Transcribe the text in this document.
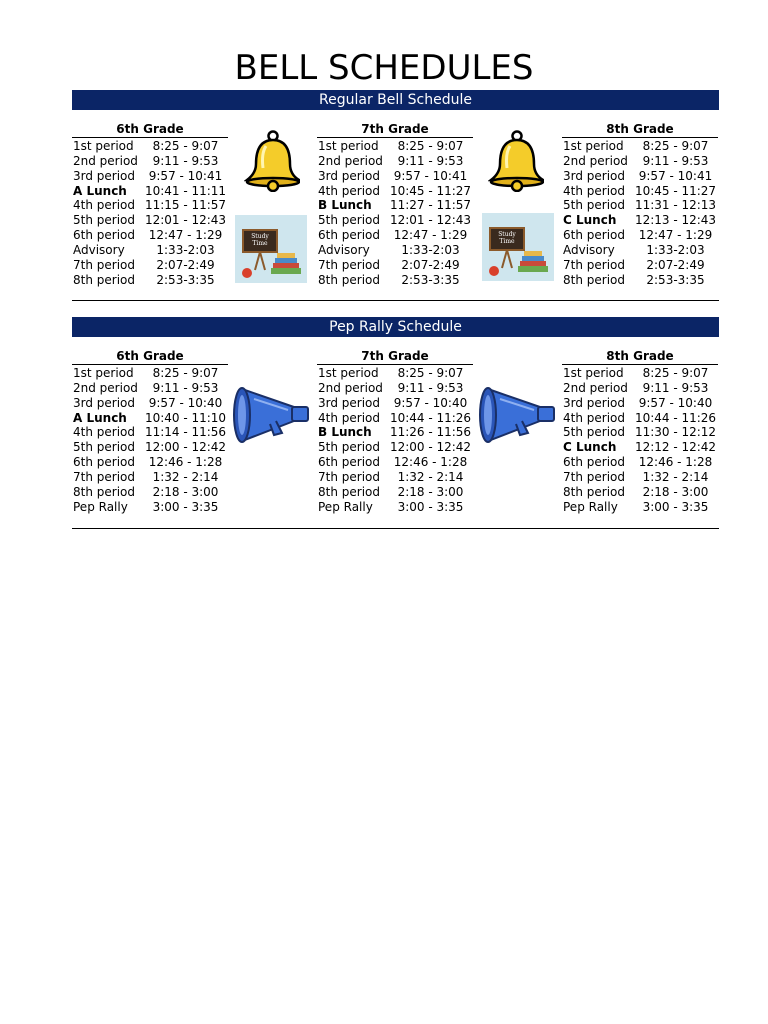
BELL SCHEDULES
Regular Bell Schedule
6th Grade
1st period	8:25 - 9:07
2nd period	9:11 - 9:53
3rd period	9:57 - 10:41
A Lunch	10:41 - 11:11
4th period 11:15 - 11:57
5th period 12:01 - 12:43
6th period	12:47 - 1:29
Advisory	1:33-2:03
7th period	2:07-2:49
8th period	2:53-3:35
7th Grade
1st period	8:25 - 9:07
2nd period	9:11 - 9:53
3rd period	9:57 - 10:41
4th period 10:45 - 11:27
B Lunch	11:27 - 11:57
5th period 12:01 - 12:43
6th period	12:47 - 1:29
Advisory	1:33-2:03
7th period	2:07-2:49
8th period	2:53-3:35
8th Grade
1st period	8:25 - 9:07
2nd period	9:11 - 9:53
3rd period	9:57 - 10:41
4th period 10:45 - 11:27
5th period 11:31 - 12:13
C Lunch	12:13 - 12:43
6th period	12:47 - 1:29
Advisory	1:33-2:03
7th period	2:07-2:49
8th period	2:53-3:35
Study Time
Study Time
Pep Rally Schedule
6th Grade
1st period	8:25 - 9:07
2nd period	9:11 - 9:53
3rd period	9:57 - 10:40
A Lunch	10:40 - 11:10
4th period 11:14 - 11:56
5th period 12:00 - 12:42
6th period	12:46 - 1:28
7th period	1:32 - 2:14
8th period	2:18 - 3:00
Pep Rally	3:00 - 3:35
7th Grade
1st period	8:25 - 9:07
2nd period	9:11 - 9:53
3rd period	9:57 - 10:40
4th period 10:44 - 11:26
B Lunch	11:26 - 11:56
5th period 12:00 - 12:42
6th period	12:46 - 1:28
7th period	1:32 - 2:14
8th period	2:18 - 3:00
Pep Rally	3:00 - 3:35
8th Grade
1st period	8:25 - 9:07
2nd period	9:11 - 9:53
3rd period	9:57 - 10:40
4th period 10:44 - 11:26
5th period 11:30 - 12:12
C Lunch	12:12 - 12:42
6th period	12:46 - 1:28
7th period	1:32 - 2:14
8th period	2:18 - 3:00
Pep Rally	3:00 - 3:35
